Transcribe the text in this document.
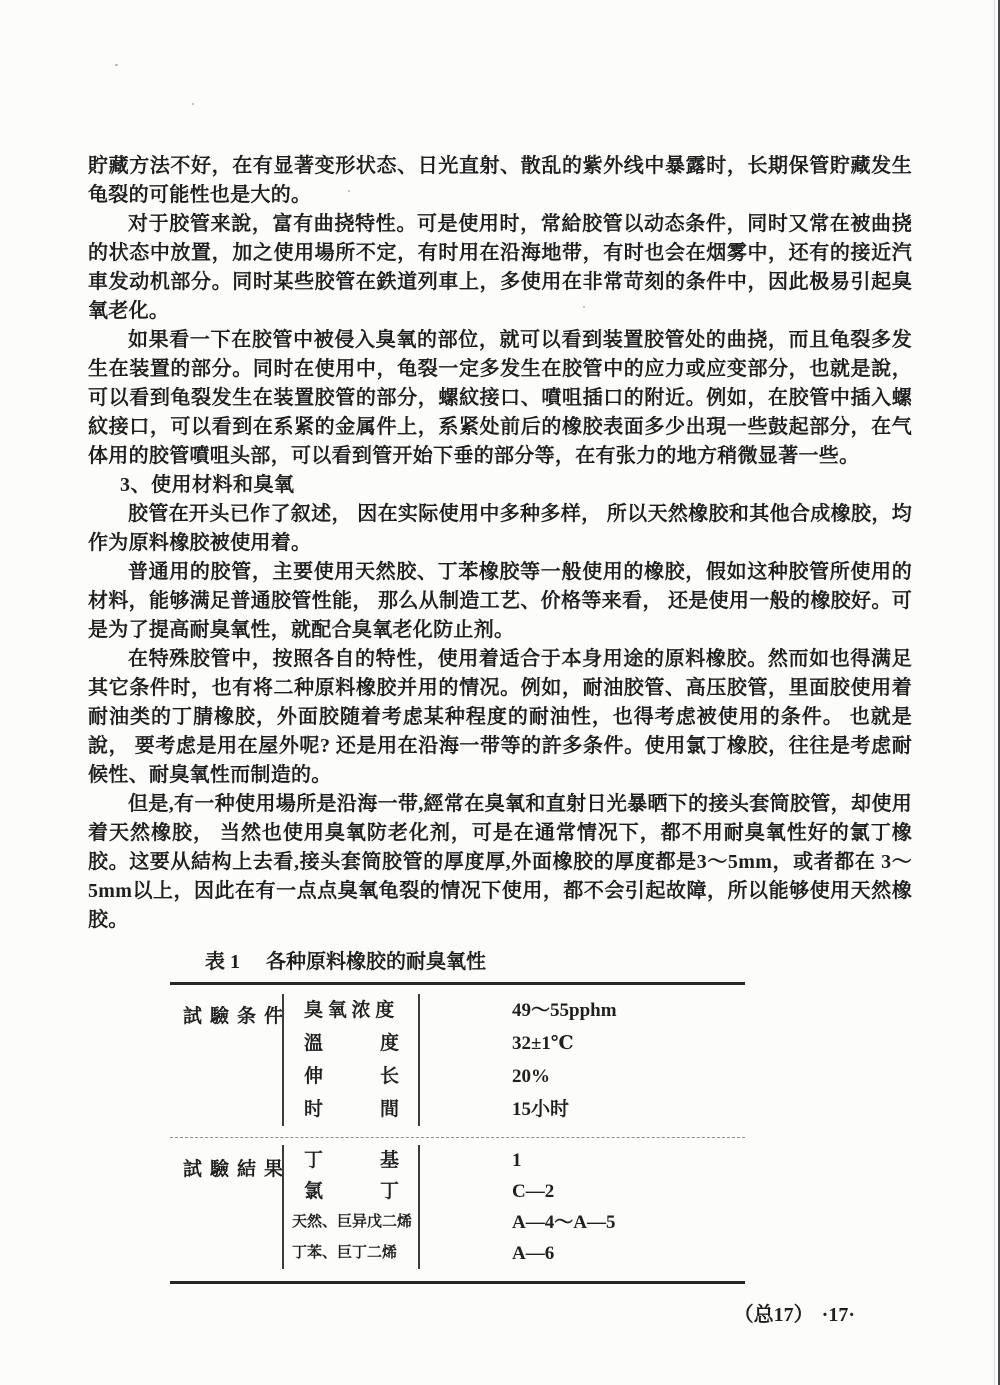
貯藏方法不好，在有显著变形状态、日光直射、散乱的紫外线中暴露时，长期保管貯藏发生龟裂的可能性也是大的。

对于胶管来說，富有曲挠特性。可是使用时，常給胶管以动态条件，同时又常在被曲挠的状态中放置，加之使用場所不定，有时用在沿海地带，有时也会在烟雾中，还有的接近汽車发动机部分。同时某些胶管在鉄道列車上，多使用在非常苛刻的条件中，因此极易引起臭氧老化。

如果看一下在胶管中被侵入臭氧的部位，就可以看到装置胶管处的曲挠，而且龟裂多发生在装置的部分。同时在使用中，龟裂一定多发生在胶管中的应力或应变部分，也就是說，可以看到龟裂发生在装置胶管的部分，螺紋接口、噴咀插口的附近。例如，在胶管中插入螺紋接口，可以看到在系紧的金属件上，系紧处前后的橡胶表面多少出現一些鼓起部分，在气体用的胶管噴咀头部，可以看到管开始下垂的部分等，在有张力的地方稍微显著一些。

3、使用材料和臭氧

胶管在开头已作了叙述， 因在实际使用中多种多样， 所以天然橡胶和其他合成橡胶，均作为原料橡胶被使用着。

普通用的胶管，主要使用天然胶、丁苯橡胶等一般使用的橡胶，假如这种胶管所使用的材料，能够满足普通胶管性能， 那么从制造工艺、价格等来看， 还是使用一般的橡胶好。可是为了提高耐臭氧性，就配合臭氧老化防止剂。

在特殊胶管中，按照各自的特性，使用着适合于本身用途的原料橡胶。然而如也得满足其它条件时，也有将二种原料橡胶并用的情况。例如，耐油胶管、高压胶管，里面胶使用着耐油类的丁腈橡胶，外面胶随着考虑某种程度的耐油性，也得考虑被使用的条件。 也就是說， 要考虑是用在屋外呢? 还是用在沿海一带等的許多条件。使用氯丁橡胶，往往是考虑耐候性、耐臭氧性而制造的。

但是,有一种使用場所是沿海一带,經常在臭氧和直射日光暴晒下的接头套筒胶管，却使用着天然橡胶， 当然也使用臭氧防老化剂，可是在通常情况下，都不用耐臭氧性好的氯丁橡胶。这要从結构上去看,接头套筒胶管的厚度厚,外面橡胶的厚度都是3～5mm，或者都在 3～5mm以上，因此在有一点点臭氧龟裂的情况下使用，都不会引起故障，所以能够使用天然橡胶。

表 1 各种原料橡胶的耐臭氧性
試驗条件 臭 氧 浓 度	49～55pphm
溫　　　度	32±1℃
伸　　　长	20%
时　　　間	15小时
試驗結果 丁　　　基	1
氯　　　丁	C—2
天然、巨异戊二烯	A—4～A—5
丁苯、巨丁二烯	A—6
（总17） ·17·
